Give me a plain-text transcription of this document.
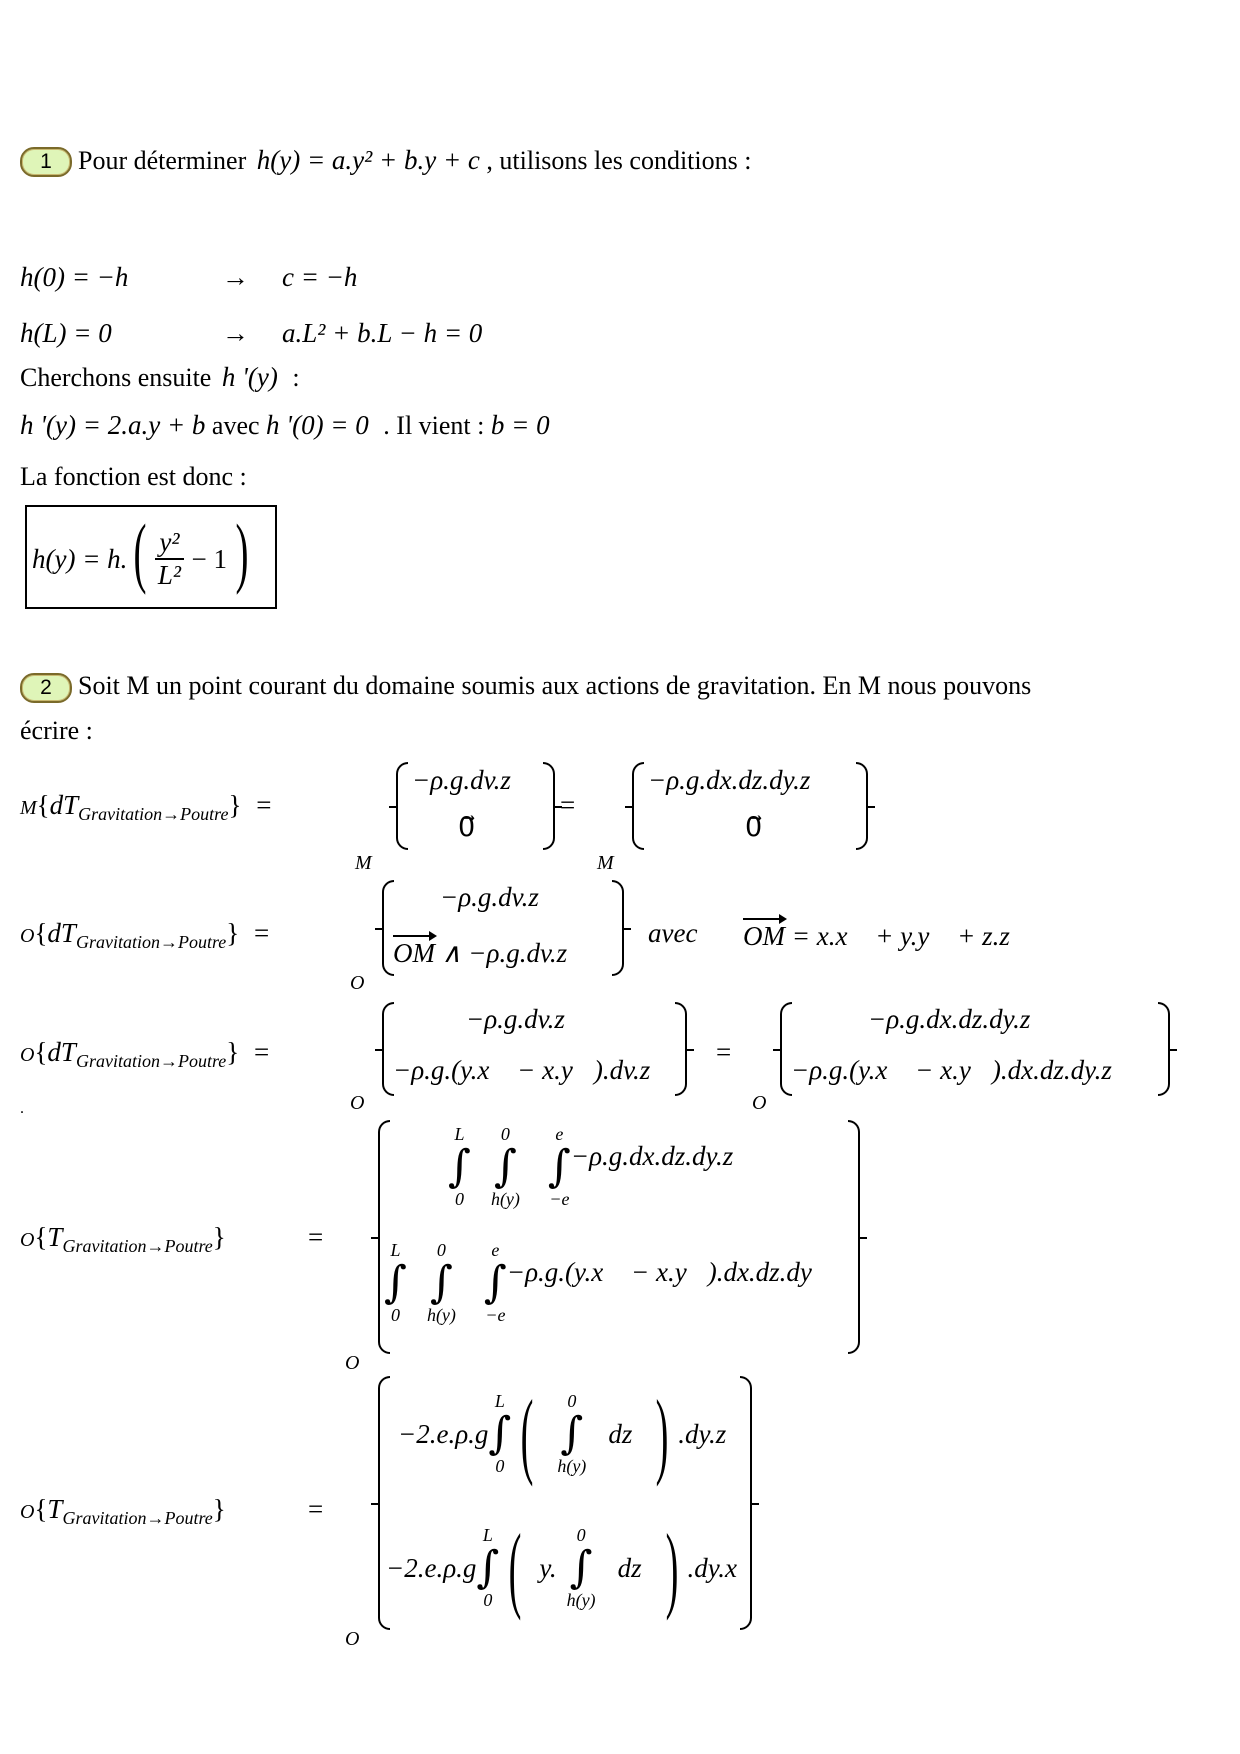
1	Pour déterminer h(y) = a.y² + b.y + c , utilisons les conditions :
h(0) = −h	→ c = −h
h(L) = 0	→ a.L² + b.L − h = 0
Cherchons ensuite h '(y) :
h '(y) = 2.a.y + b avec h '(0) = 0 . Il vient : b = 0
La fonction est donc :
h(y) = h. ( $\frac{\text{y²}}{\text{L²}} - 1$ )
2	Soit M un point courant du domaine soumis aux actions de gravitation. En M nous pouvons
écrire :
$M\{dT_{Gravitation\to Poutre}\}$ =
−ρ.g.dv.z⃗
0⃗
M
=
−ρ.g.dx.dz.dy.z⃗
0⃗
M
$O\{dT_{Gravitation\to Poutre}\}$ =
−ρ.g.dv.z⃗
OM ∧ −ρ.g.dv.z⃗
O
avec OM = x.x⃗ + y.y⃗ + z.z⃗
$O\{dT_{Gravitation\to Poutre}\}$ =
−ρ.g.dv.z⃗
−ρ.g.(y.x⃗ − x.y⃗).dv.z⃗
O
=
−ρ.g.dx.dz.dy.z⃗
−ρ.g.(y.x⃗ − x.y⃗).dx.dz.dy.z⃗
O
.
$O\{T_{Gravitation\to Poutre}\}$	=
L
∫
0
0
∫
h(y)
e
∫
−e
−ρ.g.dx.dz.dy.z⃗
L
∫
0
0
∫
h(y)
e
∫
−e
−ρ.g.(y.x⃗ − x.y⃗).dx.dz.dy
O
$O\{T_{Gravitation\to Poutre}\}$	=
−2.e.ρ.g
L
∫
0 ( 0
∫
h(y)
dz ) .dy.z⃗
−2.e.ρ.g
L
∫
0 ( y.
0
∫
h(y)
dz ) .dy.x⃗
O
